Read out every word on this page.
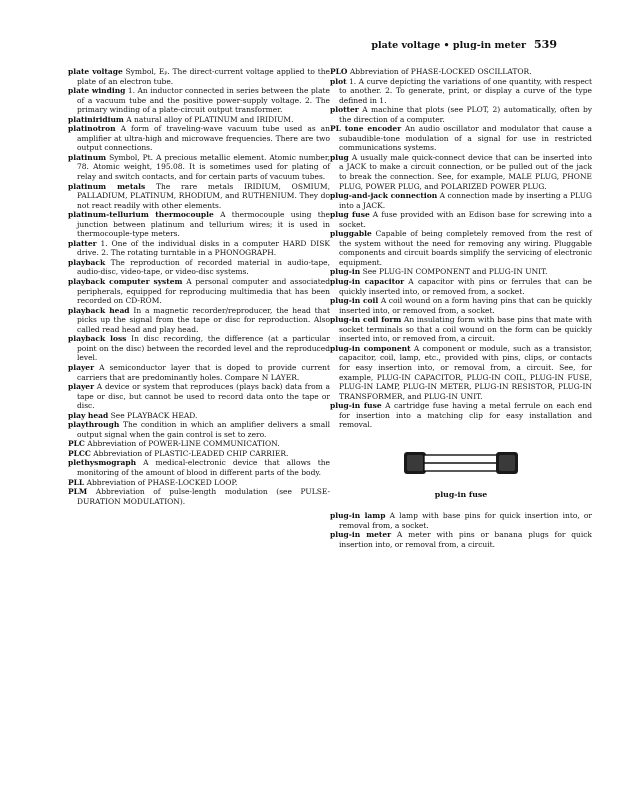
plate voltage • plug-in meter 539

plate voltage Symbol, Eₚ. The direct-current voltage applied to the plate of an electron tube.

plate winding 1. An inductor connected in series between the plate of a vacuum tube and the positive power-supply voltage. 2. The primary winding of a plate-circuit output transformer.

platiniridium A natural alloy of PLATINUM and IRIDIUM.

platinotron A form of traveling-wave vacuum tube used as an amplifier at ultra-high and microwave frequencies. There are two output connections.

platinum Symbol, Pt. A precious metallic element. Atomic number, 78. Atomic weight, 195.08. It is sometimes used for plating of relay and switch contacts, and for certain parts of vacuum tubes.

platinum metals The rare metals IRIDIUM, OSMIUM, PALLADIUM, PLATINUM, RHODIUM, and RUTHENIUM. They do not react readily with other elements.

platinum-tellurium thermocouple A thermocouple using the junction between platinum and tellurium wires; it is used in thermocouple-type meters.

platter 1. One of the individual disks in a computer HARD DISK drive. 2. The rotating turntable in a PHONOGRAPH.

playback The reproduction of recorded material in audio-tape, audio-disc, video-tape, or video-disc systems.

playback computer system A personal computer and associated peripherals, equipped for reproducing multimedia that has been recorded on CD-ROM.

playback head In a magnetic recorder/reproducer, the head that picks up the signal from the tape or disc for reproduction. Also called read head and play head.

playback loss In disc recording, the difference (at a particular point on the disc) between the recorded level and the reproduced level.

player A semiconductor layer that is doped to provide current carriers that are predominantly holes. Compare N LAYER.

player A device or system that reproduces (plays back) data from a tape or disc, but cannot be used to record data onto the tape or disc.

play head See PLAYBACK HEAD.

playthrough The condition in which an amplifier delivers a small output signal when the gain control is set to zero.

PLC Abbreviation of POWER-LINE COMMUNICATION.

PLCC Abbreviation of PLASTIC-LEADED CHIP CARRIER.

plethysmograph A medical-electronic device that allows the monitoring of the amount of blood in different parts of the body.

PLL Abbreviation of PHASE-LOCKED LOOP.

PLM Abbreviation of pulse-length modulation (see PULSE-DURATION MODULATION).

PLO Abbreviation of PHASE-LOCKED OSCILLATOR.

plot 1. A curve depicting the variations of one quantity, with respect to another. 2. To generate, print, or display a curve of the type defined in 1.

plotter A machine that plots (see PLOT, 2) automatically, often by the direction of a computer.

PL tone encoder An audio oscillator and modulator that cause a subaudible-tone modulation of a signal for use in restricted communications systems.

plug A usually male quick-connect device that can be inserted into a JACK to make a circuit connection, or be pulled out of the jack to break the connection. See, for example, MALE PLUG, PHONE PLUG, POWER PLUG, and POLARIZED POWER PLUG.

plug-and-jack connection A connection made by inserting a PLUG into a JACK.

plug fuse A fuse provided with an Edison base for screwing into a socket.

pluggable Capable of being completely removed from the rest of the system without the need for removing any wiring. Pluggable components and circuit boards simplify the servicing of electronic equipment.

plug-in See PLUG-IN COMPONENT and PLUG-IN UNIT.

plug-in capacitor A capacitor with pins or ferrules that can be quickly inserted into, or removed from, a socket.

plug-in coil A coil wound on a form having pins that can be quickly inserted into, or removed from, a socket.

plug-in coil form An insulating form with base pins that mate with socket terminals so that a coil wound on the form can be quickly inserted into, or removed from, a circuit.

plug-in component A component or module, such as a transistor, capacitor, coil, lamp, etc., provided with pins, clips, or contacts for easy insertion into, or removal from, a circuit. See, for example, PLUG-IN CAPACITOR, PLUG-IN COIL, PLUG-IN FUSE, PLUG-IN LAMP, PLUG-IN METER, PLUG-IN RESISTOR, PLUG-IN TRANSFORMER, and PLUG-IN UNIT.

plug-in fuse A cartridge fuse having a metal ferrule on each end for insertion into a matching clip for easy installation and removal.

plug-in fuse

plug-in lamp A lamp with base pins for quick insertion into, or removal from, a socket.

plug-in meter A meter with pins or banana plugs for quick insertion into, or removal from, a circuit.
